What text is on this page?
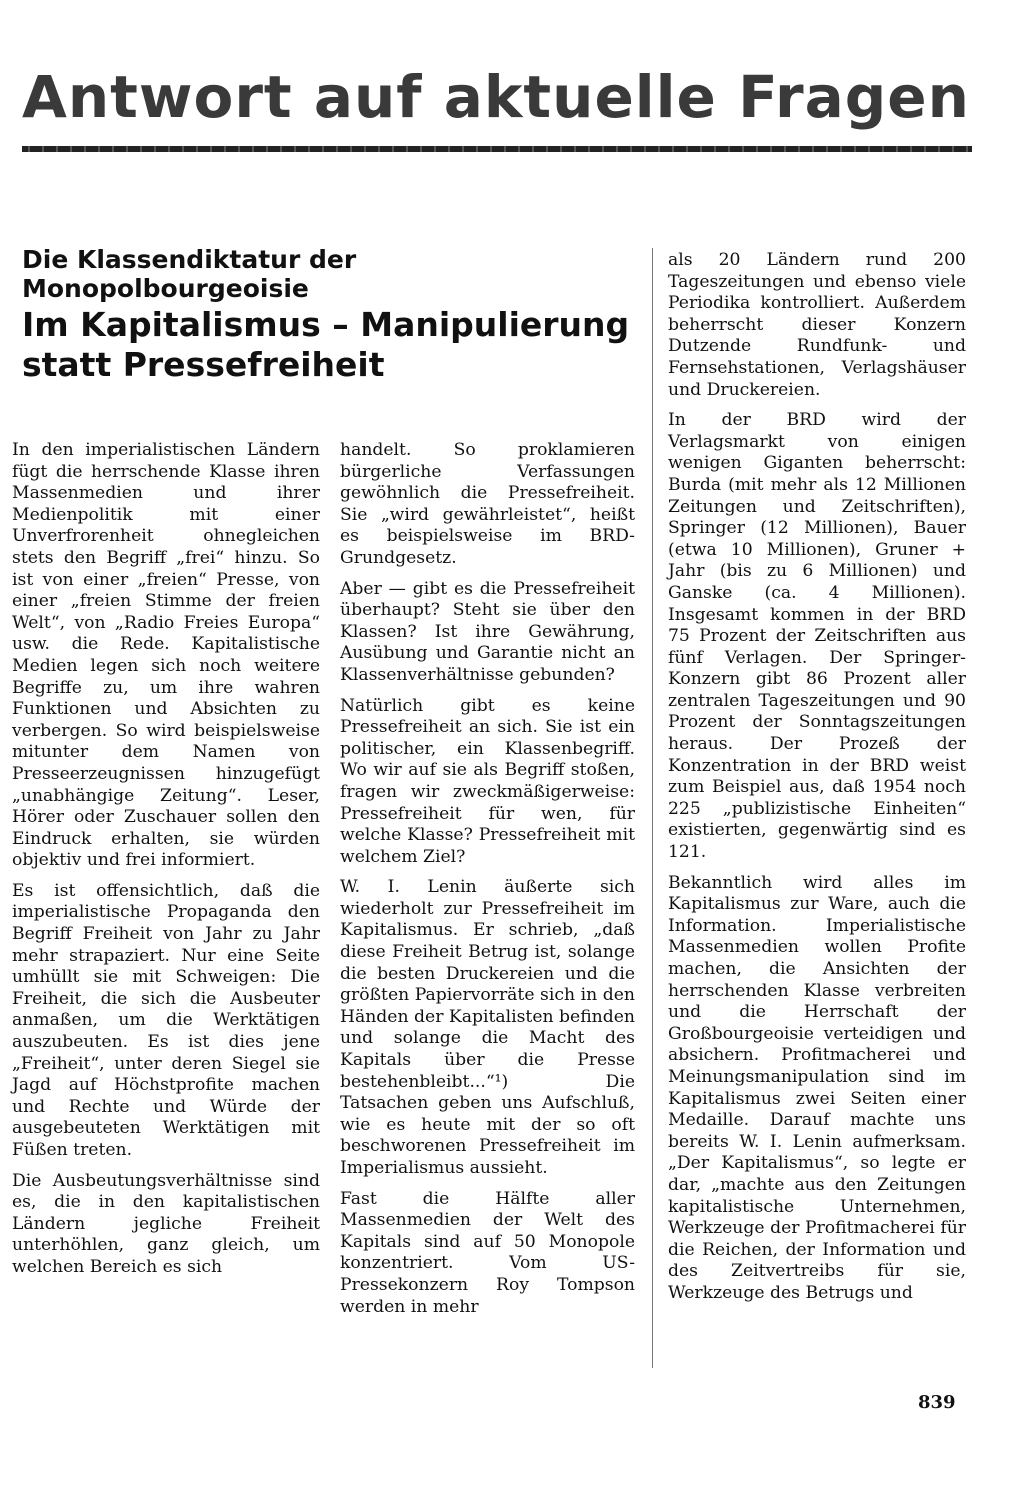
Antwort auf aktuelle Fragen
Die Klassendiktatur der Monopolbourgeoisie
Im Kapitalismus – Manipulierung statt Pressefreiheit

In den imperialistischen Ländern fügt die herrschende Klasse ihren Massenmedien und ihrer Medienpolitik mit einer Unverfrorenheit ohnegleichen stets den Begriff „frei“ hinzu. So ist von einer „freien“ Presse, von einer „freien Stimme der freien Welt“, von „Radio Freies Europa“ usw. die Rede. Kapitalistische Medien legen sich noch weitere Begriffe zu, um ihre wahren Funktionen und Absichten zu verbergen. So wird beispielsweise mitunter dem Namen von Presseerzeugnissen hinzugefügt „unabhängige Zeitung“. Leser, Hörer oder Zuschauer sollen den Eindruck erhalten, sie würden objektiv und frei informiert.

Es ist offensichtlich, daß die imperialistische Propaganda den Begriff Freiheit von Jahr zu Jahr mehr strapaziert. Nur eine Seite umhüllt sie mit Schweigen: Die Freiheit, die sich die Ausbeuter anmaßen, um die Werktätigen auszubeuten. Es ist dies jene „Freiheit“, unter deren Siegel sie Jagd auf Höchstprofite machen und Rechte und Würde der ausgebeuteten Werktätigen mit Füßen treten.

Die Ausbeutungsverhältnisse sind es, die in den kapitalistischen Ländern jegliche Freiheit unterhöhlen, ganz gleich, um welchen Bereich es sich

handelt. So proklamieren bürgerliche Verfassungen gewöhnlich die Pressefreiheit. Sie „wird gewährleistet“, heißt es beispielsweise im BRD-Grundgesetz.

Aber — gibt es die Pressefreiheit überhaupt? Steht sie über den Klassen? Ist ihre Gewährung, Ausübung und Garantie nicht an Klassenverhältnisse gebunden?

Natürlich gibt es keine Pressefreiheit an sich. Sie ist ein politischer, ein Klassenbegriff. Wo wir auf sie als Begriff stoßen, fragen wir zweckmäßigerweise: Pressefreiheit für wen, für welche Klasse? Pressefreiheit mit welchem Ziel?

W. I. Lenin äußerte sich wiederholt zur Pressefreiheit im Kapitalismus. Er schrieb, „daß diese Freiheit Betrug ist, solange die besten Druckereien und die größten Papiervorräte sich in den Händen der Kapitalisten befinden und solange die Macht des Kapitals über die Presse bestehenbleibt...“¹) Die Tatsachen geben uns Aufschluß, wie es heute mit der so oft beschworenen Pressefreiheit im Imperialismus aussieht.

Fast die Hälfte aller Massenmedien der Welt des Kapitals sind auf 50 Monopole konzentriert. Vom US-Pressekonzern Roy Tompson werden in mehr

als 20 Ländern rund 200 Tageszeitungen und ebenso viele Periodika kontrolliert. Außerdem beherrscht dieser Konzern Dutzende Rundfunk- und Fernsehstationen, Verlagshäuser und Druckereien.

In der BRD wird der Verlagsmarkt von einigen wenigen Giganten beherrscht: Burda (mit mehr als 12 Millionen Zeitungen und Zeitschriften), Springer (12 Millionen), Bauer (etwa 10 Millionen), Gruner + Jahr (bis zu 6 Millionen) und Ganske (ca. 4 Millionen). Insgesamt kommen in der BRD 75 Prozent der Zeitschriften aus fünf Verlagen. Der Springer-Konzern gibt 86 Prozent aller zentralen Tageszeitungen und 90 Prozent der Sonntagszeitungen heraus. Der Prozeß der Konzentration in der BRD weist zum Beispiel aus, daß 1954 noch 225 „publizistische Einheiten“ existierten, gegenwärtig sind es 121.

Bekanntlich wird alles im Kapitalismus zur Ware, auch die Information. Imperialistische Massenmedien wollen Profite machen, die Ansichten der herrschenden Klasse verbreiten und die Herrschaft der Großbourgeoisie verteidigen und absichern. Profitmacherei und Meinungsmanipulation sind im Kapitalismus zwei Seiten einer Medaille. Darauf machte uns bereits W. I. Lenin aufmerksam. „Der Kapitalismus“, so legte er dar, „machte aus den Zeitungen kapitalistische Unternehmen, Werkzeuge der Profitmacherei für die Reichen, der Information und des Zeitvertreibs für sie, Werkzeuge des Betrugs und

839
